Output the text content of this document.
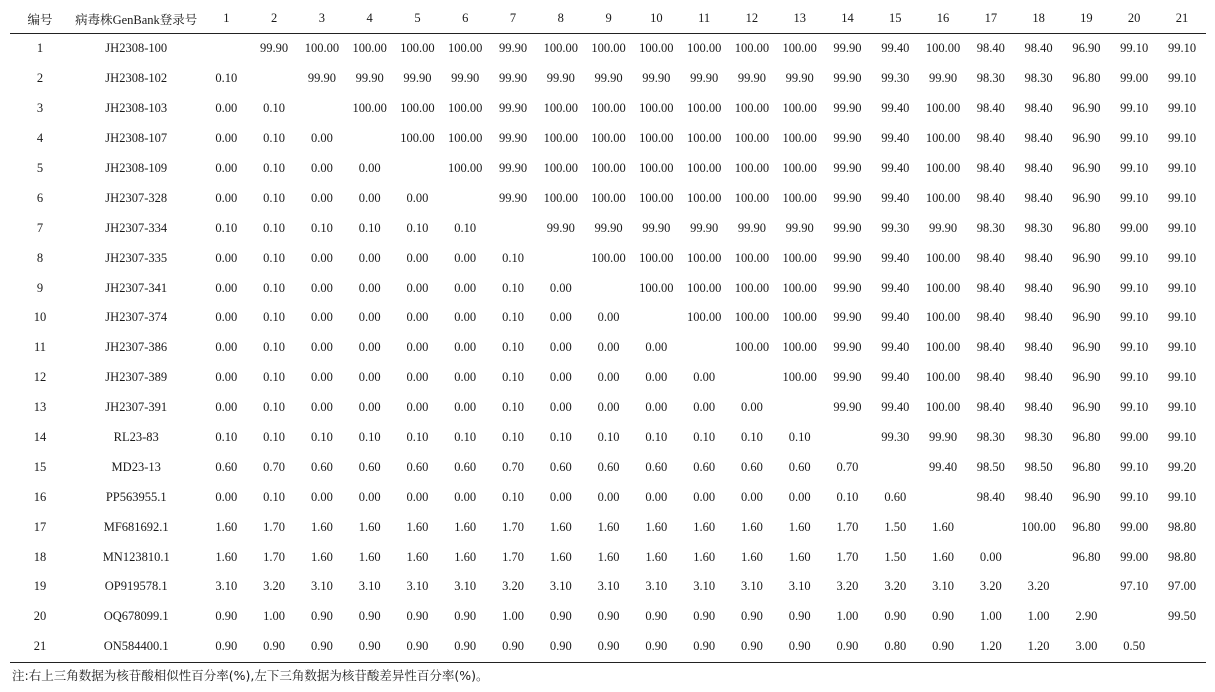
编号	病毒株GenBank登录号	1	2	3	4	5	6	7	8	9	10	11	12	13	14	15	16	17	18	19	20	21
1	JH2308-100		99.90	100.00	100.00	100.00	100.00	99.90	100.00	100.00	100.00	100.00	100.00	100.00	99.90	99.40	100.00	98.40	98.40	96.90	99.10	99.10
2	JH2308-102	0.10		99.90	99.90	99.90	99.90	99.90	99.90	99.90	99.90	99.90	99.90	99.90	99.90	99.30	99.90	98.30	98.30	96.80	99.00	99.10
3	JH2308-103	0.00	0.10		100.00	100.00	100.00	99.90	100.00	100.00	100.00	100.00	100.00	100.00	99.90	99.40	100.00	98.40	98.40	96.90	99.10	99.10
4	JH2308-107	0.00	0.10	0.00		100.00	100.00	99.90	100.00	100.00	100.00	100.00	100.00	100.00	99.90	99.40	100.00	98.40	98.40	96.90	99.10	99.10
5	JH2308-109	0.00	0.10	0.00	0.00		100.00	99.90	100.00	100.00	100.00	100.00	100.00	100.00	99.90	99.40	100.00	98.40	98.40	96.90	99.10	99.10
6	JH2307-328	0.00	0.10	0.00	0.00	0.00		99.90	100.00	100.00	100.00	100.00	100.00	100.00	99.90	99.40	100.00	98.40	98.40	96.90	99.10	99.10
7	JH2307-334	0.10	0.10	0.10	0.10	0.10	0.10		99.90	99.90	99.90	99.90	99.90	99.90	99.90	99.30	99.90	98.30	98.30	96.80	99.00	99.10
8	JH2307-335	0.00	0.10	0.00	0.00	0.00	0.00	0.10		100.00	100.00	100.00	100.00	100.00	99.90	99.40	100.00	98.40	98.40	96.90	99.10	99.10
9	JH2307-341	0.00	0.10	0.00	0.00	0.00	0.00	0.10	0.00		100.00	100.00	100.00	100.00	99.90	99.40	100.00	98.40	98.40	96.90	99.10	99.10
10	JH2307-374	0.00	0.10	0.00	0.00	0.00	0.00	0.10	0.00	0.00		100.00	100.00	100.00	99.90	99.40	100.00	98.40	98.40	96.90	99.10	99.10
11	JH2307-386	0.00	0.10	0.00	0.00	0.00	0.00	0.10	0.00	0.00	0.00		100.00	100.00	99.90	99.40	100.00	98.40	98.40	96.90	99.10	99.10
12	JH2307-389	0.00	0.10	0.00	0.00	0.00	0.00	0.10	0.00	0.00	0.00	0.00		100.00	99.90	99.40	100.00	98.40	98.40	96.90	99.10	99.10
13	JH2307-391	0.00	0.10	0.00	0.00	0.00	0.00	0.10	0.00	0.00	0.00	0.00	0.00		99.90	99.40	100.00	98.40	98.40	96.90	99.10	99.10
14	RL23-83	0.10	0.10	0.10	0.10	0.10	0.10	0.10	0.10	0.10	0.10	0.10	0.10	0.10		99.30	99.90	98.30	98.30	96.80	99.00	99.10
15	MD23-13	0.60	0.70	0.60	0.60	0.60	0.60	0.70	0.60	0.60	0.60	0.60	0.60	0.60	0.70		99.40	98.50	98.50	96.80	99.10	99.20
16	PP563955.1	0.00	0.10	0.00	0.00	0.00	0.00	0.10	0.00	0.00	0.00	0.00	0.00	0.00	0.10	0.60		98.40	98.40	96.90	99.10	99.10
17	MF681692.1	1.60	1.70	1.60	1.60	1.60	1.60	1.70	1.60	1.60	1.60	1.60	1.60	1.60	1.70	1.50	1.60		100.00	96.80	99.00	98.80
18	MN123810.1	1.60	1.70	1.60	1.60	1.60	1.60	1.70	1.60	1.60	1.60	1.60	1.60	1.60	1.70	1.50	1.60	0.00		96.80	99.00	98.80
19	OP919578.1	3.10	3.20	3.10	3.10	3.10	3.10	3.20	3.10	3.10	3.10	3.10	3.10	3.10	3.20	3.20	3.10	3.20	3.20		97.10	97.00
20	OQ678099.1	0.90	1.00	0.90	0.90	0.90	0.90	1.00	0.90	0.90	0.90	0.90	0.90	0.90	1.00	0.90	0.90	1.00	1.00	2.90		99.50
21	ON584400.1	0.90	0.90	0.90	0.90	0.90	0.90	0.90	0.90	0.90	0.90	0.90	0.90	0.90	0.90	0.80	0.90	1.20	1.20	3.00	0.50	
注:右上三角数据为核苷酸相似性百分率(%),左下三角数据为核苷酸差异性百分率(%)。
